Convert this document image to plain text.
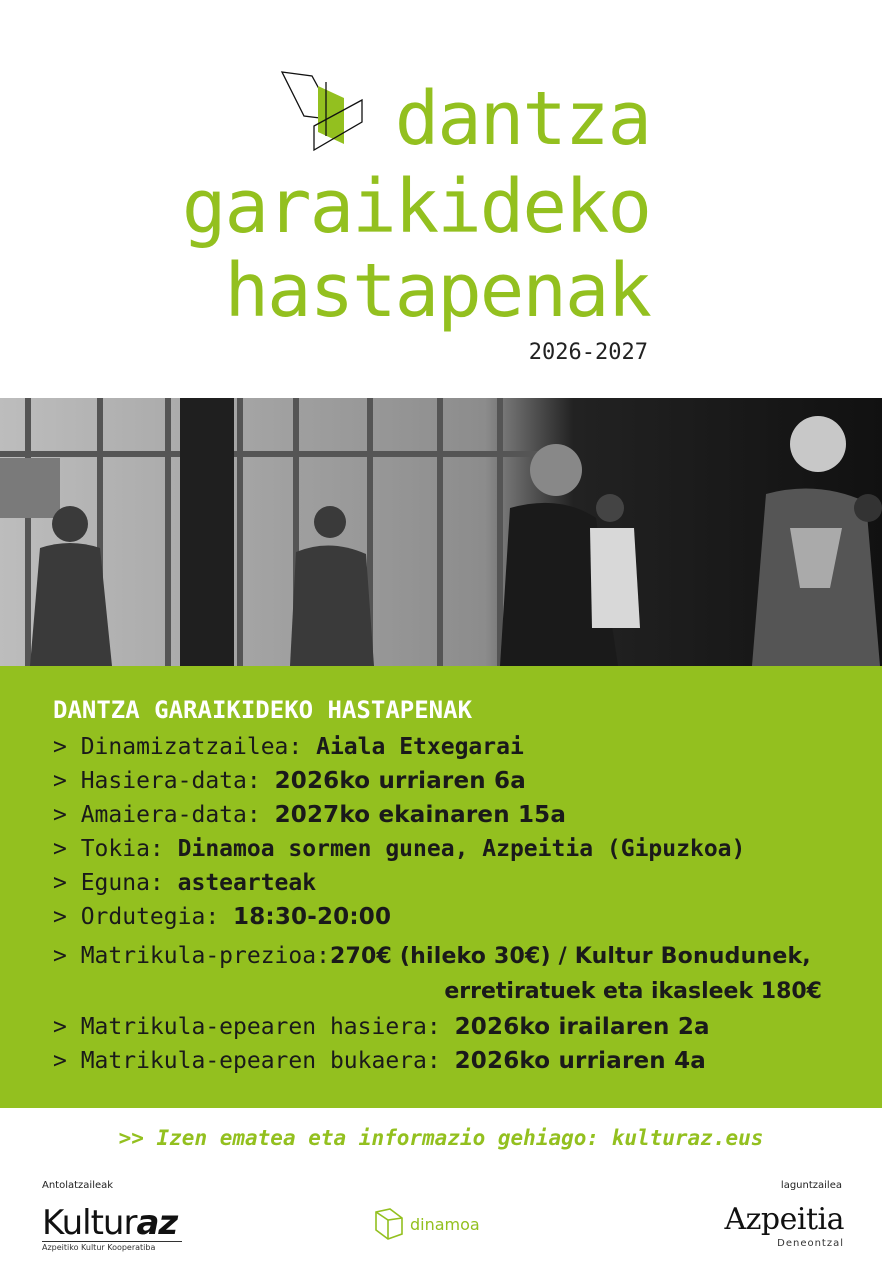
dantza
garaikideko
hastapenak
2026-2027
DANTZA GARAIKIDEKO HASTAPENAK
> Dinamizatzailea: Aiala Etxegarai
> Hasiera-data: 2026ko urriaren 6a
> Amaiera-data: 2027ko ekainaren 15a
> Tokia: Dinamoa sormen gunea, Azpeitia (Gipuzkoa)
> Eguna: astearteak
> Ordutegia: 18:30-20:00
> Matrikula-prezioa:270€ (hileko 30€) / Kultur Bonudunek,
erretiratuek eta ikasleek 180€
> Matrikula-epearen hasiera: 2026ko irailaren 2a
> Matrikula-epearen bukaera: 2026ko urriaren 4a
>> Izen ematea eta informazio gehiago: kulturaz.eus
Antolatzaileak	laguntzailea
Kulturaz
Azpeitiko Kultur Kooperatiba
dinamoa	Azpeitia
Deneontzal
